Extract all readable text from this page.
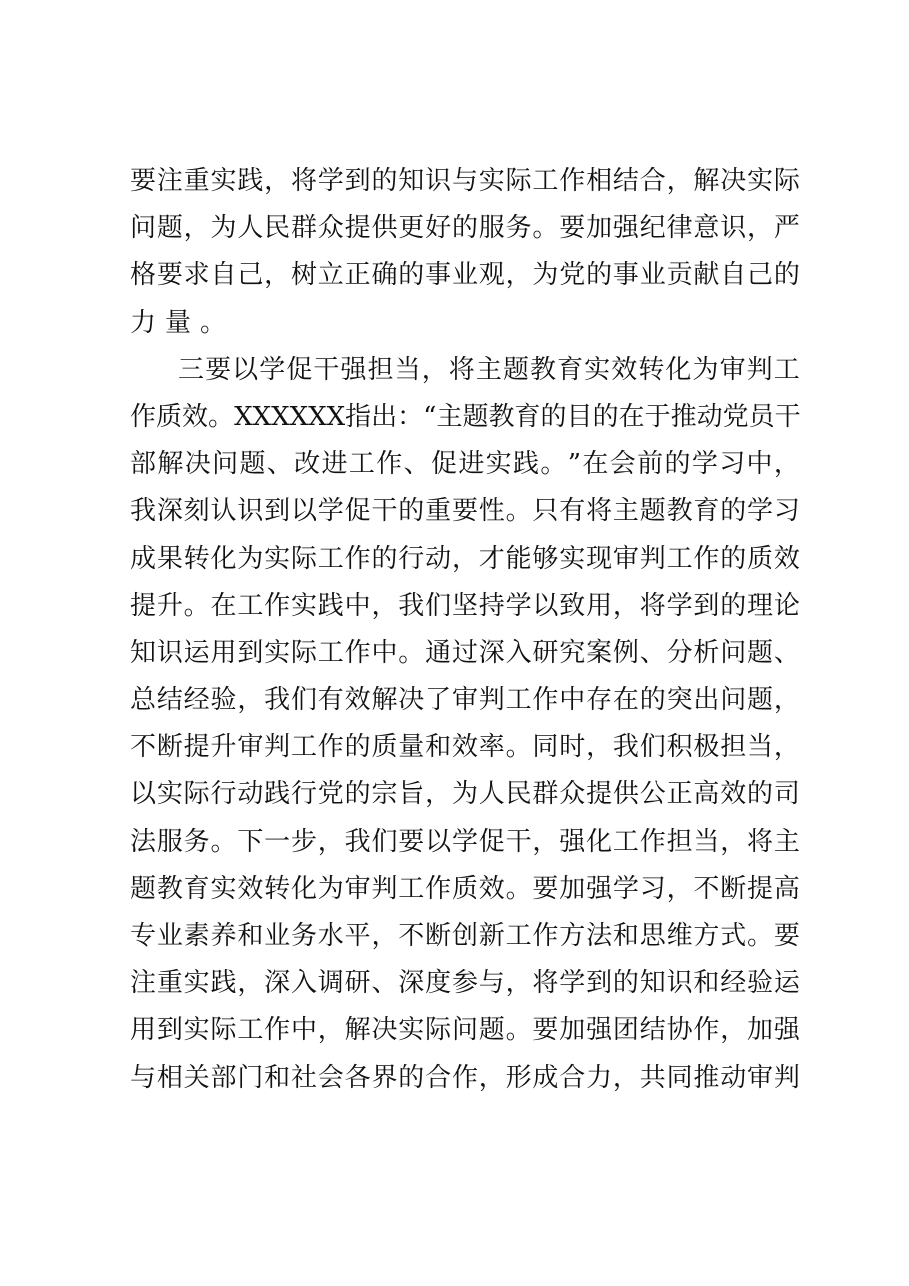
要 注 重 实 践 ， 将 学 到 的 知 识 与 实 际 工 作 相 结 合 ， 解 决 实 际
问 题 ， 为 人 民 群 众 提 供 更 好 的 服 务 。 要 加 强 纪 律 意 识 ， 严
格 要 求 自 己 ， 树 立 正 确 的 事 业 观 ， 为 党 的 事 业 贡 献 自 己 的
力量。
三 要 以 学 促 干 强 担 当 ， 将 主 题 教 育 实 效 转 化 为 审 判 工
作 质 效 。 XXXXXX 指 出 ： “ 主 题 教 育 的 目 的 在 于 推 动 党 员 干
部 解 决 问 题 、 改 进 工 作 、 促 进 实 践 。 ” 在 会 前 的 学 习 中 ，
我 深 刻 认 识 到 以 学 促 干 的 重 要 性 。 只 有 将 主 题 教 育 的 学 习
成 果 转 化 为 实 际 工 作 的 行 动 ， 才 能 够 实 现 审 判 工 作 的 质 效
提 升 。 在 工 作 实 践 中 ， 我 们 坚 持 学 以 致 用 ， 将 学 到 的 理 论
知 识 运 用 到 实 际 工 作 中 。 通 过 深 入 研 究 案 例 、 分 析 问 题 、
总 结 经 验 ， 我 们 有 效 解 决 了 审 判 工 作 中 存 在 的 突 出 问 题 ，
不 断 提 升 审 判 工 作 的 质 量 和 效 率 。 同 时 ， 我 们 积 极 担 当 ，
以 实 际 行 动 践 行 党 的 宗 旨 ， 为 人 民 群 众 提 供 公 正 高 效 的 司
法 服 务 。 下 一 步 ， 我 们 要 以 学 促 干 ， 强 化 工 作 担 当 ， 将 主
题 教 育 实 效 转 化 为 审 判 工 作 质 效 。 要 加 强 学 习 ， 不 断 提 高
专 业 素 养 和 业 务 水 平 ， 不 断 创 新 工 作 方 法 和 思 维 方 式 。 要
注 重 实 践 ， 深 入 调 研 、 深 度 参 与 ， 将 学 到 的 知 识 和 经 验 运
用 到 实 际 工 作 中 ， 解 决 实 际 问 题 。 要 加 强 团 结 协 作 ， 加 强
与 相 关 部 门 和 社 会 各 界 的 合 作 ， 形 成 合 力 ， 共 同 推 动 审 判
